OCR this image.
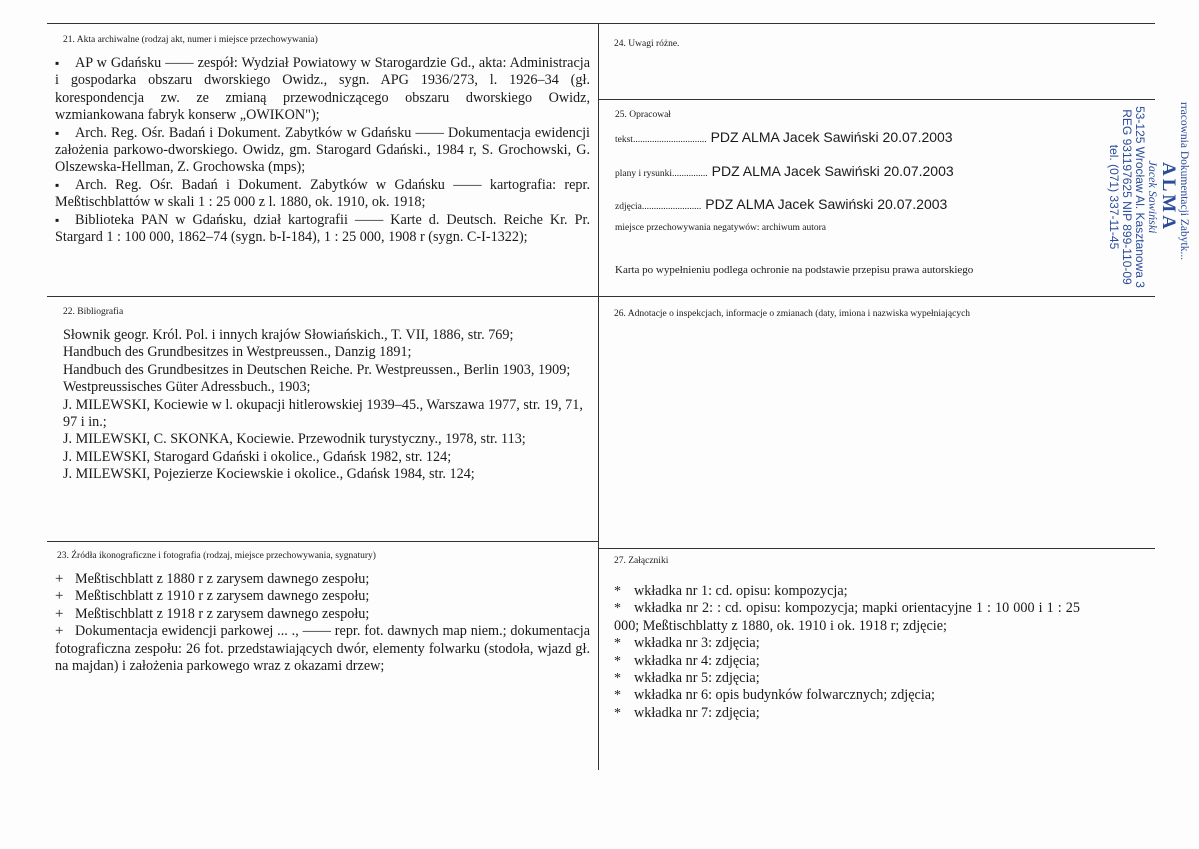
21. Akta archiwalne (rodzaj akt, numer i miejsce przechowywania)

▪ AP w Gdańsku —— zespół: Wydział Powiatowy w Starogardzie Gd., akta: Administracja i gospodarka obszaru dworskiego Owidz., sygn. APG 1936/273, l. 1926–34 (gł. korespondencja zw. ze zmianą przewodniczącego obszaru dworskiego Owidz, wzmiankowana fabryk konserw „OWIKON");

▪ Arch. Reg. Ośr. Badań i Dokument. Zabytków w Gdańsku —— Dokumentacja ewidencji założenia parkowo-dworskiego. Owidz, gm. Starogard Gdański., 1984 r, S. Grochowski, G. Olszewska-Hellman, Z. Grochowska (mps);

▪ Arch. Reg. Ośr. Badań i Dokument. Zabytków w Gdańsku —— kartografia: repr. Meßtischblattów w skali 1 : 25 000 z l. 1880, ok. 1910, ok. 1918;

▪ Biblioteka PAN w Gdańsku, dział kartografii —— Karte d. Deutsch. Reiche Kr. Pr. Stargard 1 : 100 000, 1862–74 (sygn. b-I-184), 1 : 25 000, 1908 r (sygn. C-I-1322);

22. Bibliografia

Słownik geogr. Król. Pol. i innych krajów Słowiańskich., T. VII, 1886, str. 769;

Handbuch des Grundbesitzes in Westpreussen., Danzig 1891;

Handbuch des Grundbesitzes in Deutschen Reiche. Pr. Westpreussen., Berlin 1903, 1909;

Westpreussisches Güter Adressbuch., 1903;

J. MILEWSKI, Kociewie w l. okupacji hitlerowskiej 1939–45., Warszawa 1977, str. 19, 71, 97 i in.;

J. MILEWSKI, C. SKONKA, Kociewie. Przewodnik turystyczny., 1978, str. 113;

J. MILEWSKI, Starogard Gdański i okolice., Gdańsk 1982, str. 124;

J. MILEWSKI, Pojezierze Kociewskie i okolice., Gdańsk 1984, str. 124;

23. Źródła ikonograficzne i fotografia (rodzaj, miejsce przechowywania, sygnatury)

+ Meßtischblatt z 1880 r z zarysem dawnego zespołu;

+ Meßtischblatt z 1910 r z zarysem dawnego zespołu;

+ Meßtischblatt z 1918 r z zarysem dawnego zespołu;

+ Dokumentacja ewidencji parkowej ... ., —— repr. fot. dawnych map niem.; dokumentacja fotograficzna zespołu: 26 fot. przedstawiających dwór, elementy folwarku (stodoła, wjazd gł. na majdan) i założenia parkowego wraz z okazami drzew;

24. Uwagi różne.
25. Opracował
tekst............................... PDZ ALMA Jacek Sawiński 20.07.2003
plany i rysunki............... PDZ ALMA Jacek Sawiński 20.07.2003
zdjęcia......................... PDZ ALMA Jacek Sawiński 20.07.2003
miejsce przechowywania negatywów: archiwum autora
Karta po wypełnieniu podlega ochronie na podstawie przepisu prawa autorskiego
rracownia Dokumentacji Zabytk...
ALMA
Jacek Sawiński
53-125 Wrocław Al. Kasztanowa 3
REG 931197625 NIP 899-110-09
tel. (071) 337-11-45
26. Adnotacje o inspekcjach, informacje o zmianach (daty, imiona i nazwiska wypełniających
27. Załączniki

* wkładka nr 1: cd. opisu: kompozycja;

* wkładka nr 2: : cd. opisu: kompozycja; mapki orientacyjne 1 : 10 000 i 1 : 25 000; Meßtischblatty z 1880, ok. 1910 i ok. 1918 r; zdjęcie;

* wkładka nr 3: zdjęcia;

* wkładka nr 4: zdjęcia;

* wkładka nr 5: zdjęcia;

* wkładka nr 6: opis budynków folwarcznych; zdjęcia;

* wkładka nr 7: zdjęcia;
